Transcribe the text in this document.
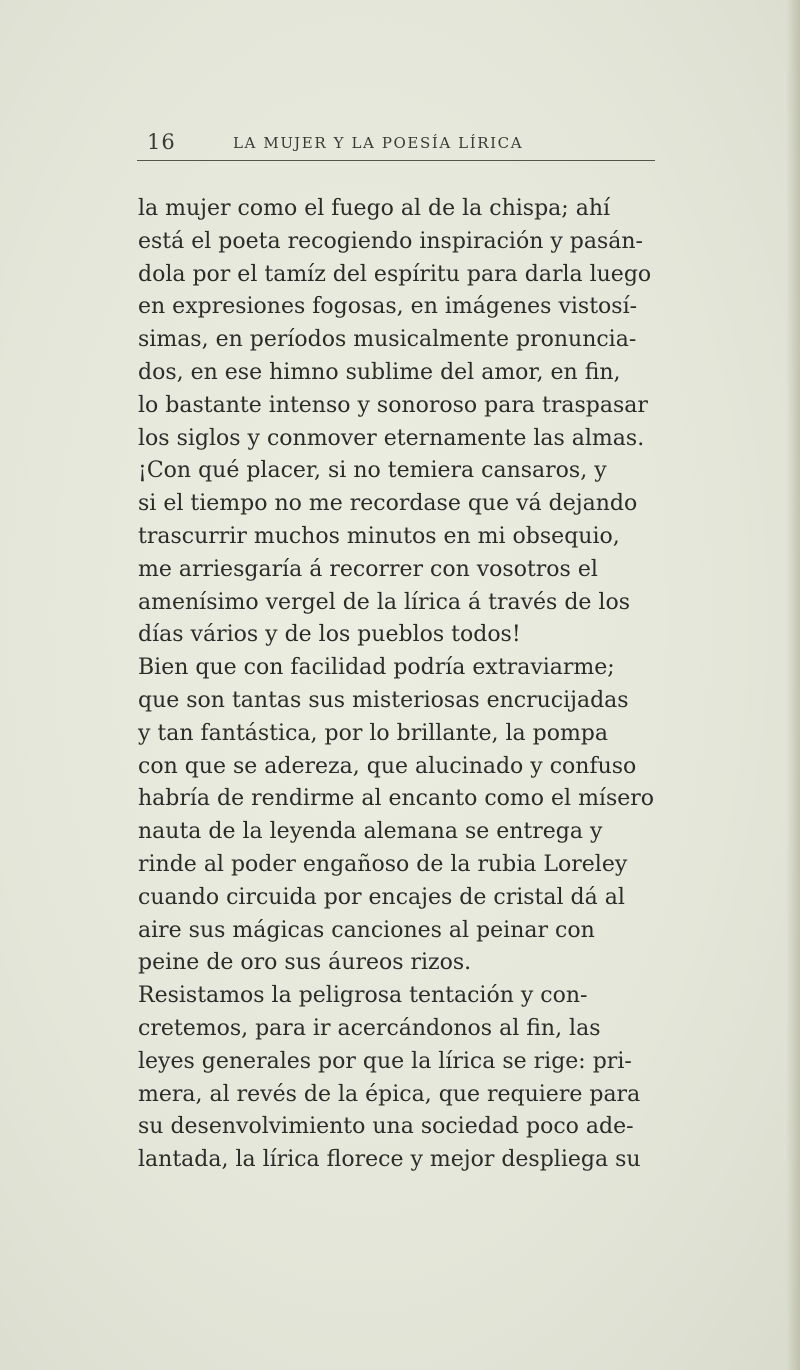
16	LA MUJER Y LA POESÍA LÍRICA
la mujer como el fuego al de la chispa; ahí
está el poeta recogiendo inspiración y pasán-
dola por el tamíz del espíritu para darla luego
en expresiones fogosas, en imágenes vistosí-
simas, en períodos musicalmente pronuncia-
dos, en ese himno sublime del amor, en fin,
lo bastante intenso y sonoroso para traspasar
los siglos y conmover eternamente las almas.
¡Con qué placer, si no temiera cansaros, y
si el tiempo no me recordase que vá dejando
trascurrir muchos minutos en mi obsequio,
me arriesgaría á recorrer con vosotros el
amenísimo vergel de la lírica á través de los
días vários y de los pueblos todos!
Bien que con facilidad podría extraviarme;
que son tantas sus misteriosas encrucijadas
y tan fantástica, por lo brillante, la pompa
con que se adereza, que alucinado y confuso
habría de rendirme al encanto como el mísero
nauta de la leyenda alemana se entrega y
rinde al poder engañoso de la rubia Loreley
cuando circuida por encajes de cristal dá al
aire sus mágicas canciones al peinar con
peine de oro sus áureos rizos.
Resistamos la peligrosa tentación y con-
cretemos, para ir acercándonos al fin, las
leyes generales por que la lírica se rige: pri-
mera, al revés de la épica, que requiere para
su desenvolvimiento una sociedad poco ade-
lantada, la lírica florece y mejor despliega su
